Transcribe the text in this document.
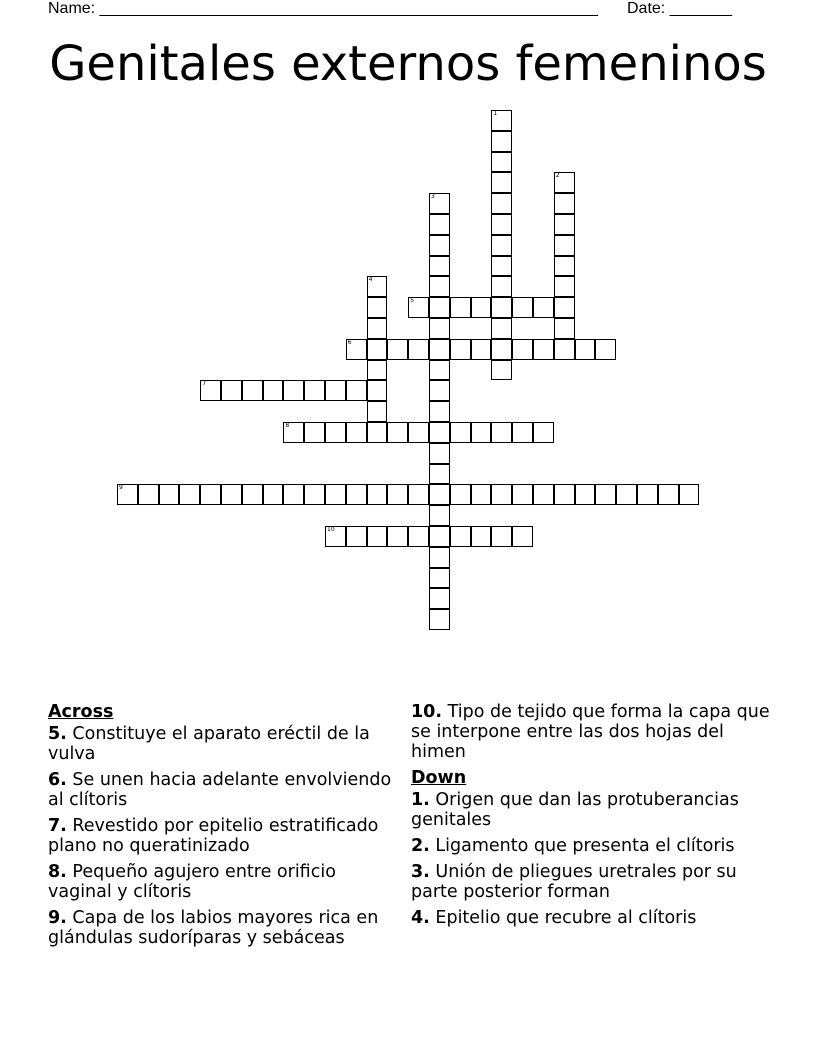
Name: ________________________________________________________ Date: _______
Genitales externos femeninos
1
2
3
4
5
6
7
8
9
10
Across
5. Constituye el aparato eréctil de la vulva
6. Se unen hacia adelante envolviendo al clítoris
7. Revestido por epitelio estratificado plano no queratinizado
8. Pequeño agujero entre orificio vaginal y clítoris
9. Capa de los labios mayores rica en glándulas sudoríparas y sebáceas
10. Tipo de tejido que forma la capa que se interpone entre las dos hojas del himen
Down
1. Origen que dan las protuberancias genitales
2. Ligamento que presenta el clítoris
3. Unión de pliegues uretrales por su parte posterior forman
4. Epitelio que recubre al clítoris
